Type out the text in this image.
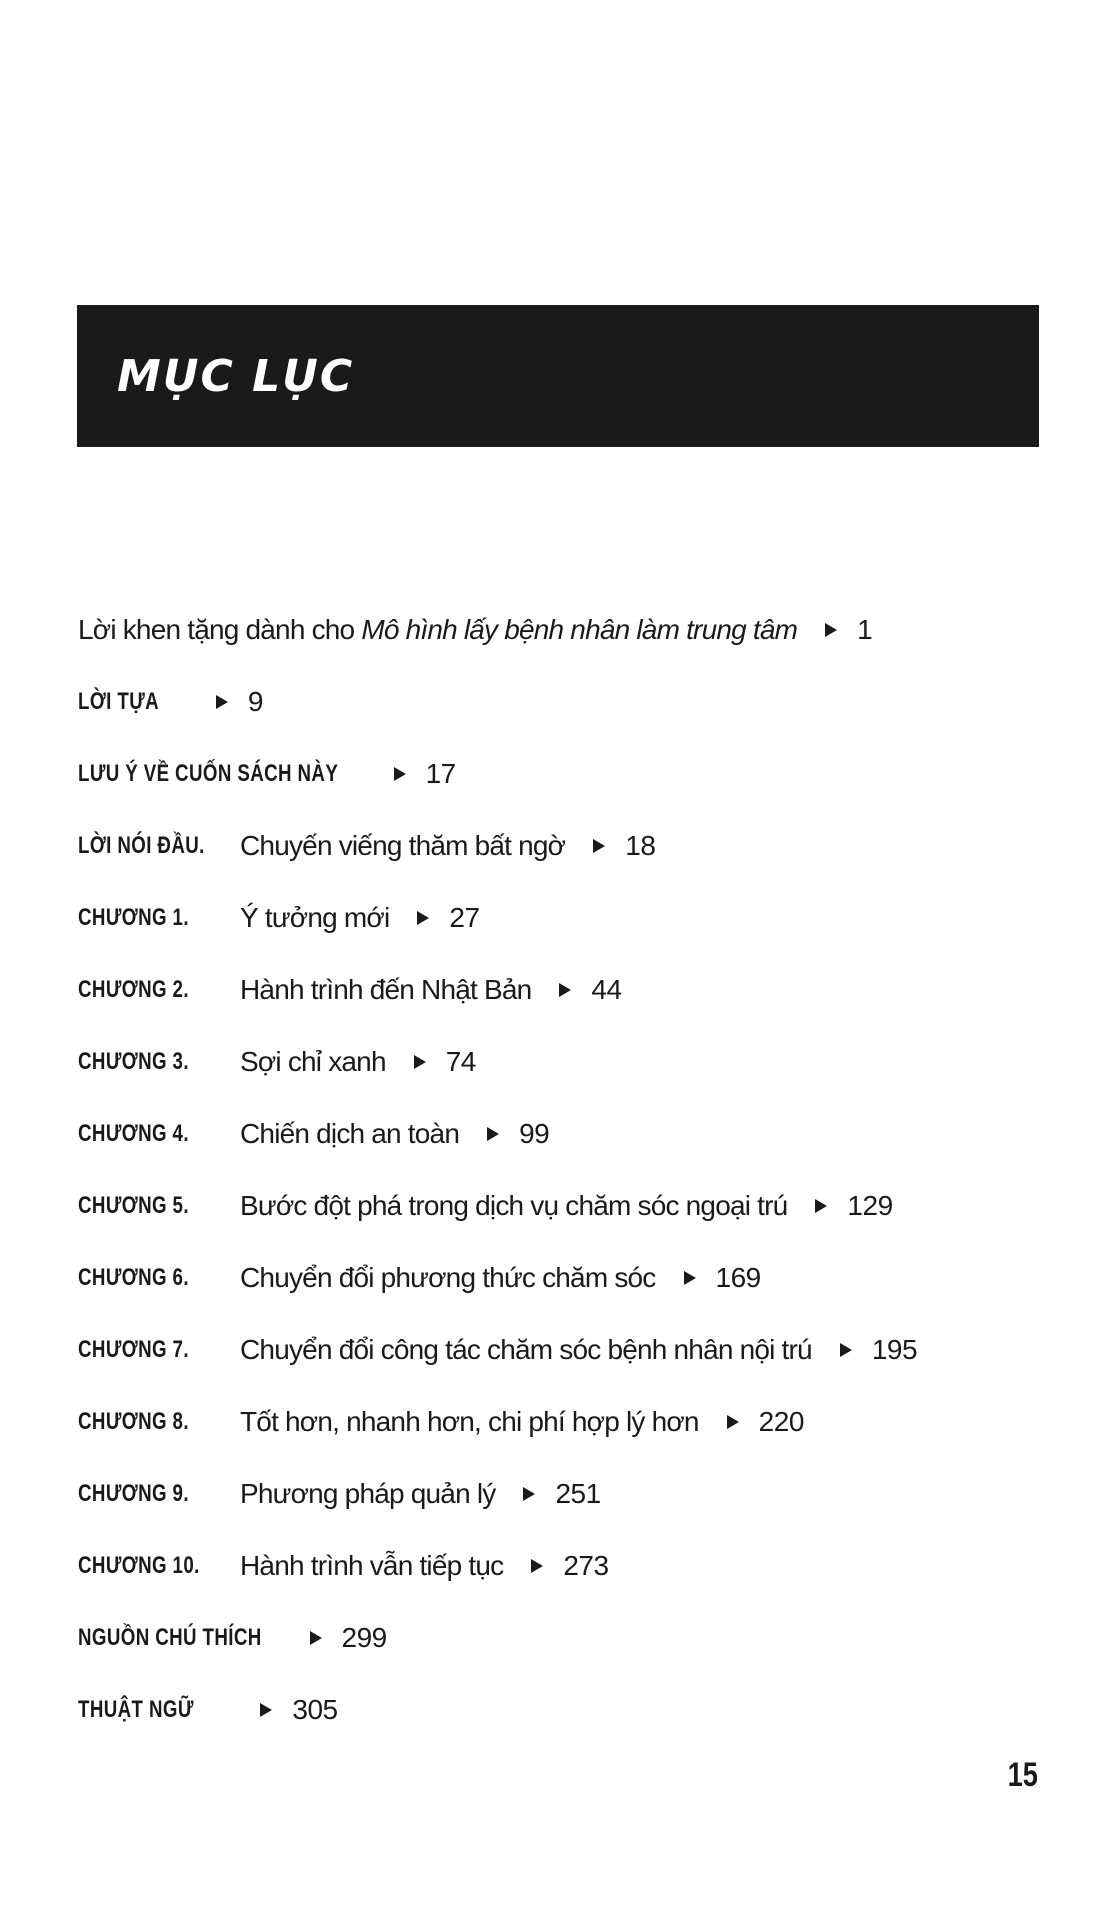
MỤC LỤC
Lời khen tặng dành cho Mô hình lấy bệnh nhân làm trung tâm 1
LỜI TỰA	9
LƯU Ý VỀ CUỐN SÁCH NÀY	17
LỜI NÓI ĐẦU.	Chuyến viếng thăm bất ngờ 18
CHƯƠNG 1.	Ý tưởng mới 27
CHƯƠNG 2.	Hành trình đến Nhật Bản 44
CHƯƠNG 3.	Sợi chỉ xanh 74
CHƯƠNG 4.	Chiến dịch an toàn 99
CHƯƠNG 5.	Bước đột phá trong dịch vụ chăm sóc ngoại trú 129
CHƯƠNG 6.	Chuyển đổi phương thức chăm sóc 169
CHƯƠNG 7.	Chuyển đổi công tác chăm sóc bệnh nhân nội trú 195
CHƯƠNG 8.	Tốt hơn, nhanh hơn, chi phí hợp lý hơn 220
CHƯƠNG 9.	Phương pháp quản lý 251
CHƯƠNG 10.	Hành trình vẫn tiếp tục 273
NGUỒN CHÚ THÍCH	299
THUẬT NGỮ	305
15
